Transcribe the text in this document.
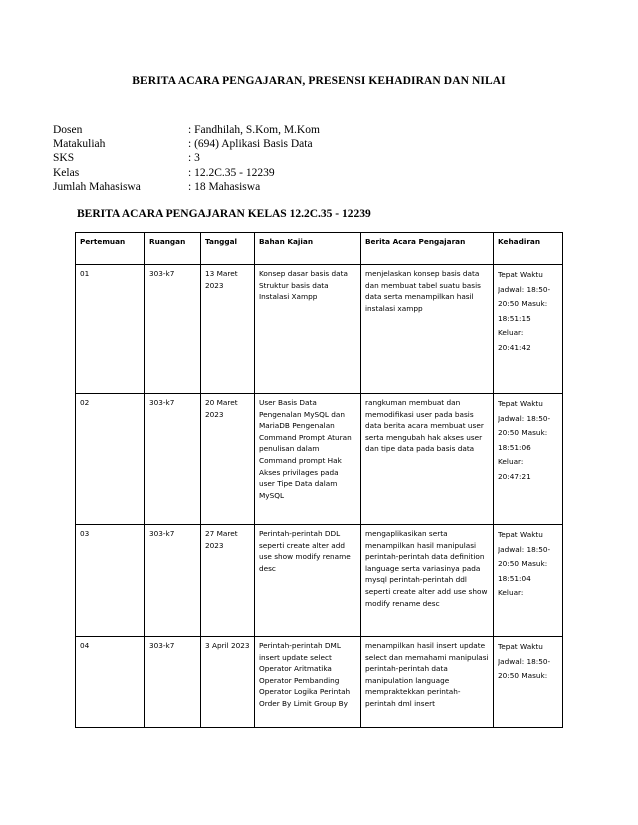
BERITA ACARA PENGAJARAN, PRESENSI KEHADIRAN DAN NILAI
Dosen	: Fandhilah, S.Kom, M.Kom
Matakuliah	: (694) Aplikasi Basis Data
SKS	: 3
Kelas	: 12.2C.35 - 12239
Jumlah Mahasiswa	: 18 Mahasiswa
BERITA ACARA PENGAJARAN KELAS 12.2C.35 - 12239
Pertemuan	Ruangan	Tanggal	Bahan Kajian	Berita Acara Pengajaran	Kehadiran

01	303-k7	13 Maret 2023	Konsep dasar basis data Struktur basis data Instalasi Xampp	menjelaskan konsep basis data dan membuat tabel suatu basis data serta menampilkan hasil instalasi xampp	Tepat Waktu Jadwal: 18:50-20:50 Masuk: 18:51:15 Keluar: 20:41:42

02	303-k7	20 Maret 2023	User Basis Data Pengenalan MySQL dan MariaDB Pengenalan Command Prompt Aturan penulisan dalam Command prompt Hak Akses privilages pada user Tipe Data dalam MySQL	rangkuman membuat dan memodifikasi user pada basis data berita acara membuat user serta mengubah hak akses user dan tipe data pada basis data	Tepat Waktu Jadwal: 18:50-20:50 Masuk: 18:51:06 Keluar: 20:47:21

03	303-k7	27 Maret 2023	Perintah-perintah DDL seperti create alter add use show modify rename desc	mengaplikasikan serta menampilkan hasil manipulasi perintah-perintah data definition language serta variasinya pada mysql perintah-perintah ddl seperti create alter add use show modify rename desc	Tepat Waktu Jadwal: 18:50-20:50 Masuk: 18:51:04 Keluar:

04	303-k7	3 April 2023	Perintah-perintah DML insert update select Operator Aritmatika Operator Pembanding Operator Logika Perintah Order By Limit Group By	menampilkan hasil insert update select dan memahami manipulasi perintah-perintah data manipulation language mempraktekkan perintah-perintah dml insert	Tepat Waktu Jadwal: 18:50-20:50 Masuk:
